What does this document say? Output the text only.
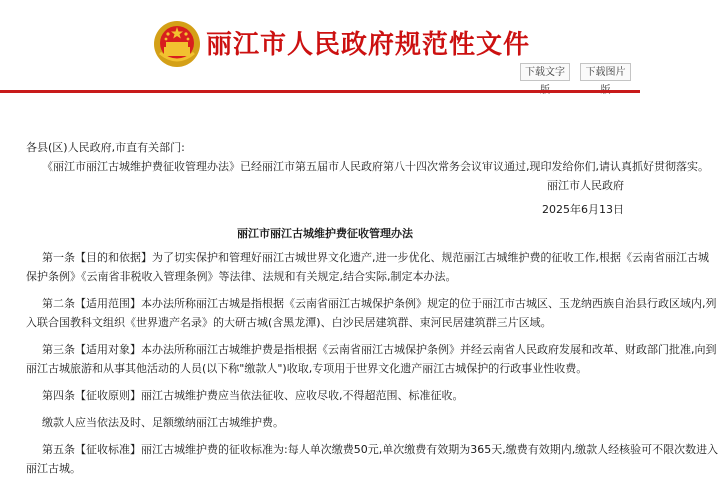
丽江市人民政府规范性文件
下载文字	下载图片
各县(区)人民政府,市直有关部门:
《丽江市丽江古城维护费征收管理办法》已经丽江市第五届市人民政府第八十四次常务会议审议通过,现印发给你们,请认真抓好贯彻落实。
丽江市人民政府
2025年6月13日
丽江市丽江古城维护费征收管理办法
第一条【目的和依据】为了切实保护和管理好丽江古城世界文化遗产,进一步优化、规范丽江古城维护费的征收工作,根据《云南省丽江古城
保护条例》《云南省非税收入管理条例》等法律、法规和有关规定,结合实际,制定本办法。
第二条【适用范围】本办法所称丽江古城是指根据《云南省丽江古城保护条例》规定的位于丽江市古城区、玉龙纳西族自治县行政区域内,列
入联合国教科文组织《世界遗产名录》的大研古城(含黑龙潭)、白沙民居建筑群、束河民居建筑群三片区域。
第三条【适用对象】本办法所称丽江古城维护费是指根据《云南省丽江古城保护条例》并经云南省人民政府发展和改革、财政部门批准,向到
丽江古城旅游和从事其他活动的人员(以下称"缴款人")收取,专项用于世界文化遗产丽江古城保护的行政事业性收费。
第四条【征收原则】丽江古城维护费应当依法征收、应收尽收,不得超范围、标准征收。
缴款人应当依法及时、足额缴纳丽江古城维护费。
第五条【征收标准】丽江古城维护费的征收标准为:每人单次缴费50元,单次缴费有效期为365天,缴费有效期内,缴款人经核验可不限次数进入
丽江古城。
